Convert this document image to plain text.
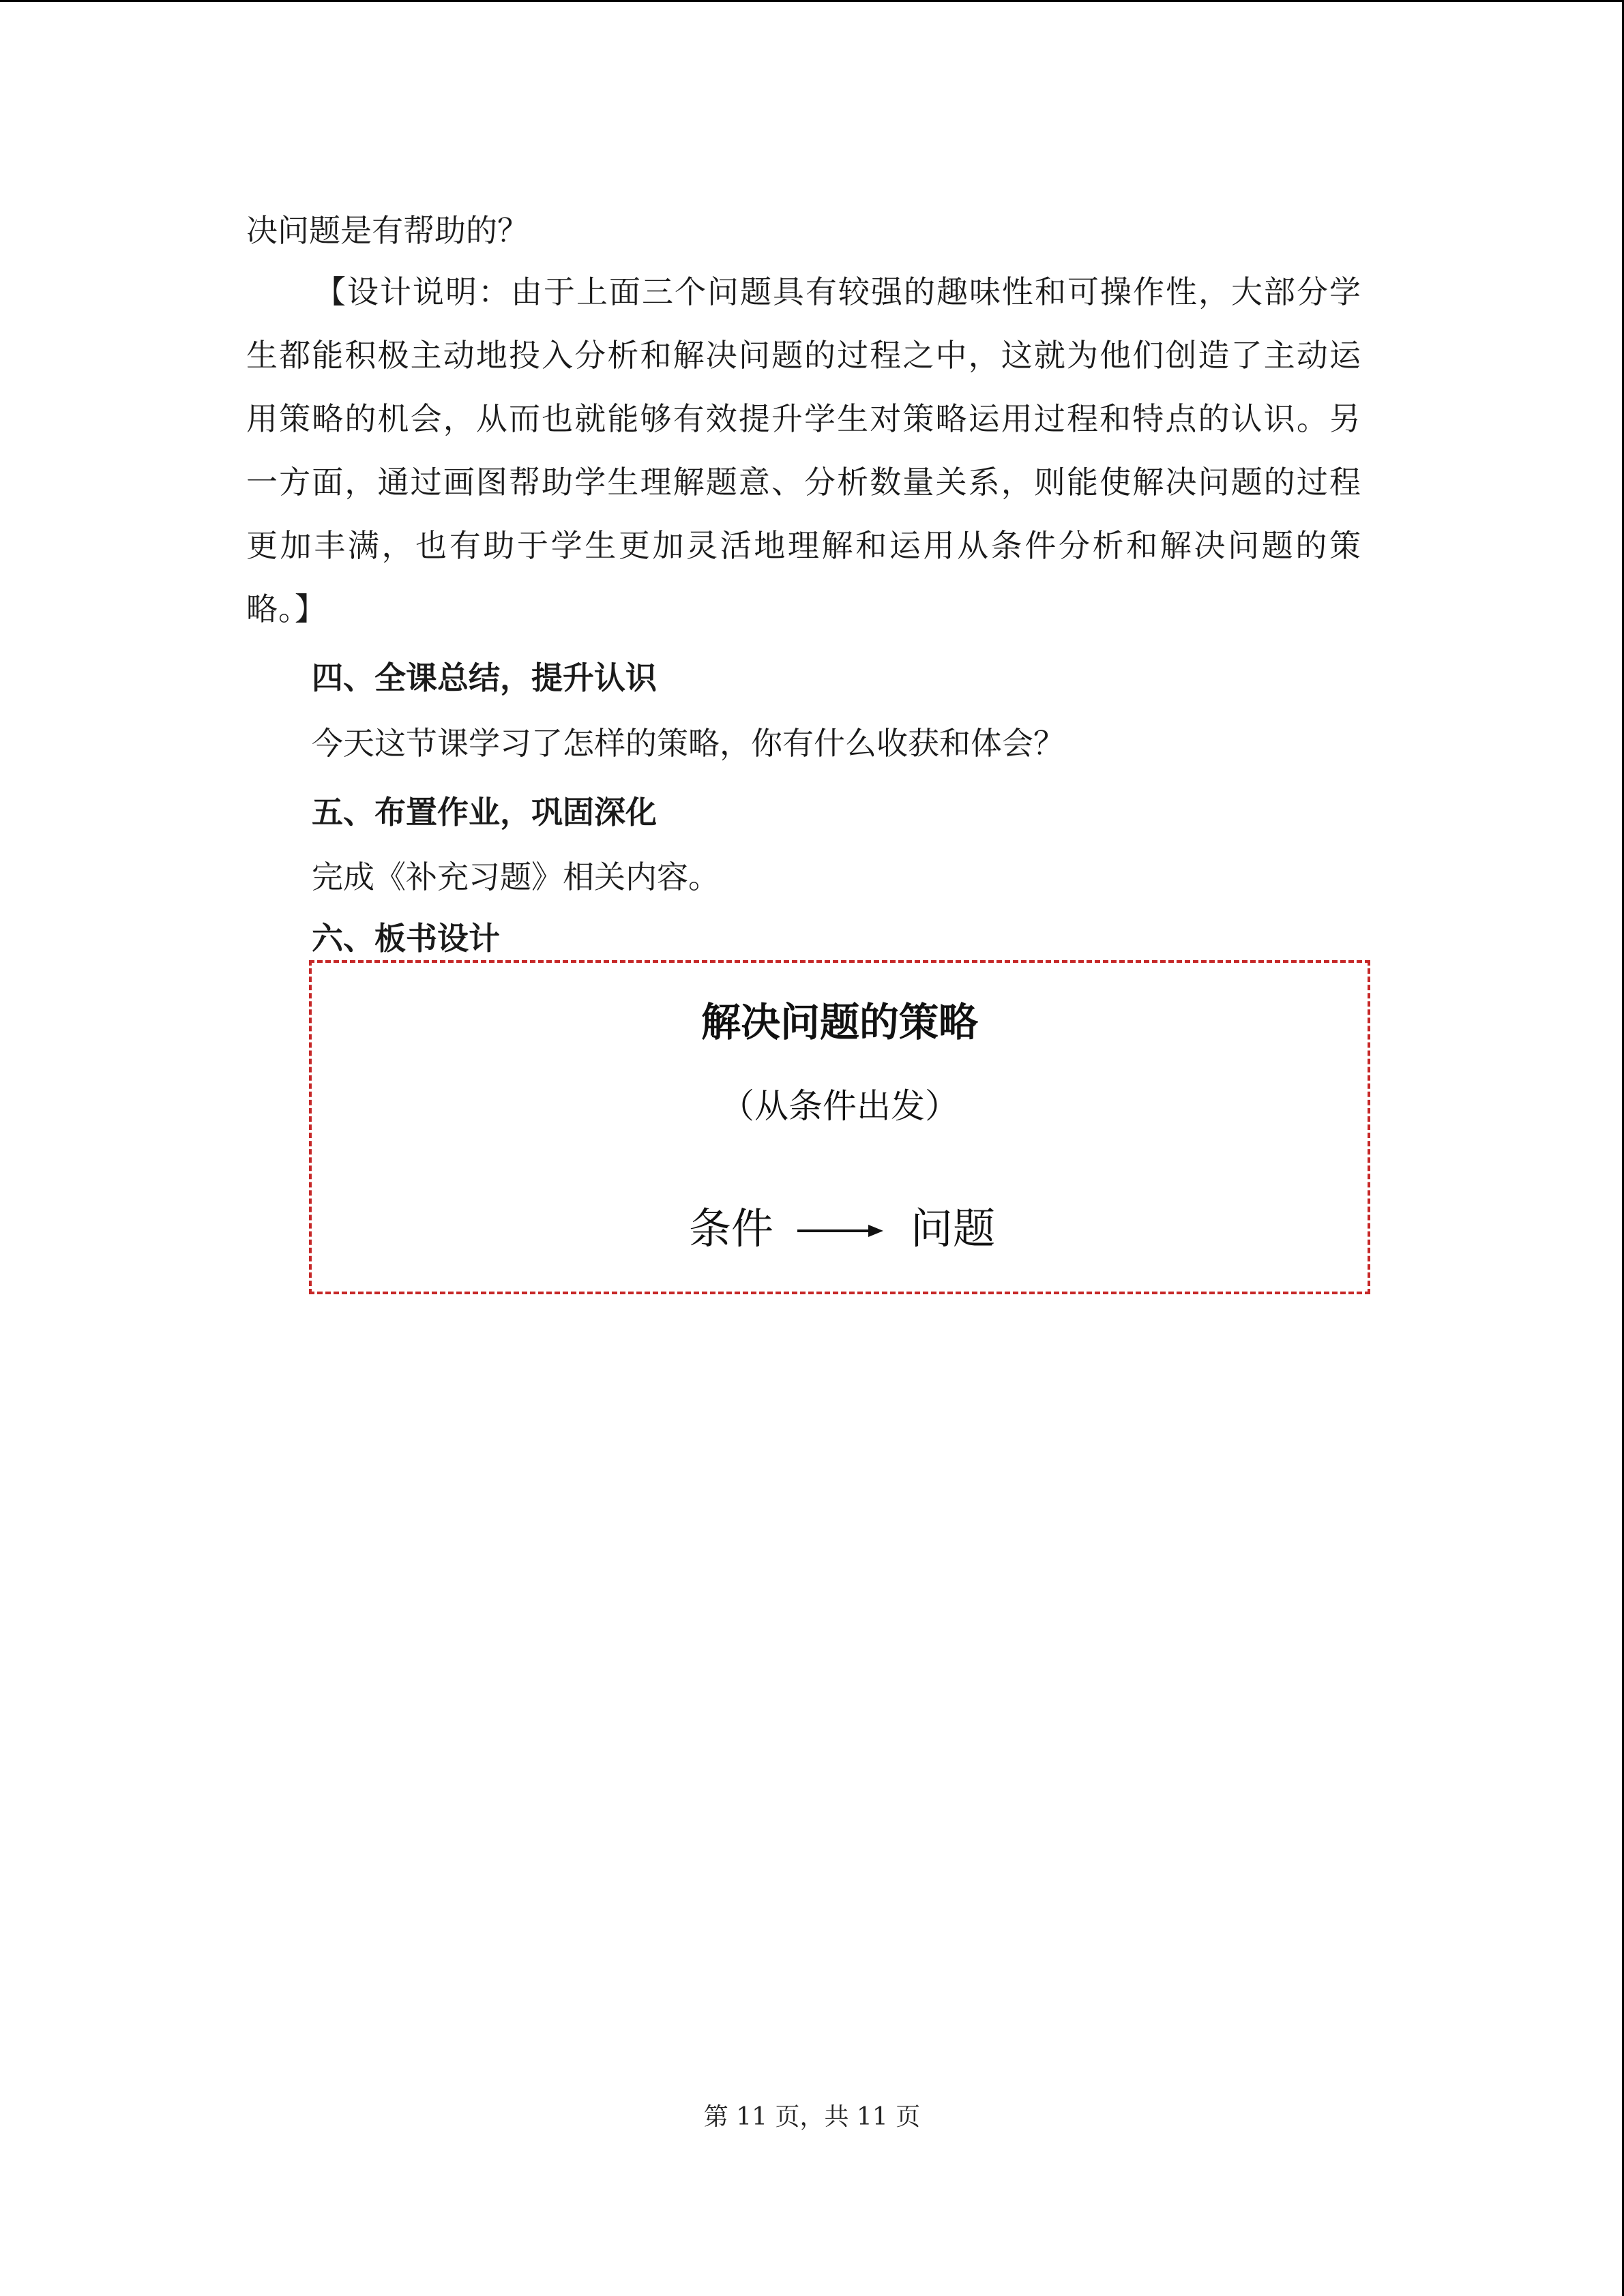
决问题是有帮助的？

【设计说明：由于上面三个问题具有较强的趣味性和可操作性，大部分学生都能积极主动地投入分析和解决问题的过程之中，这就为他们创造了主动运用策略的机会，从而也就能够有效提升学生对策略运用过程和特点的认识。另一方面，通过画图帮助学生理解题意、分析数量关系，则能使解决问题的过程更加丰满，也有助于学生更加灵活地理解和运用从条件分析和解决问题的策略。】

四、全课总结，提升认识

今天这节课学习了怎样的策略，你有什么收获和体会？

五、布置作业，巩固深化

完成《补充习题》相关内容。

六、板书设计

解决问题的策略
（从条件出发）
条件	问题
第 11 页，共 11 页
